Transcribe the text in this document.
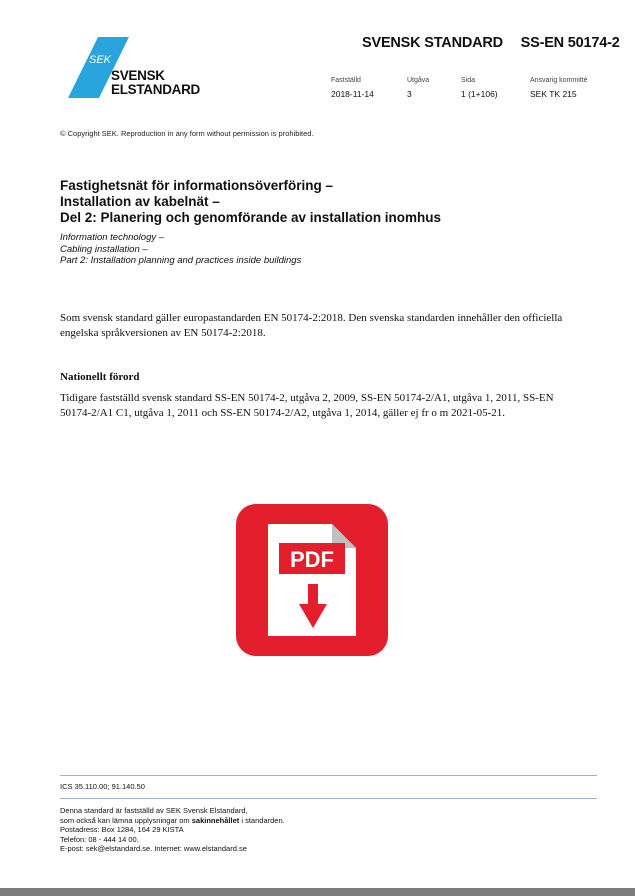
SEK
SVENSK
ELSTANDARD
SVENSK STANDARD SS-EN 50174-2
Fastställd	Utgåva	Sida	Ansvarig kommitté
2018-11-14	3	1 (1+106)	SEK TK 215
© Copyright SEK. Reproduction in any form without permission is prohibited.
Fastighetsnät för informationsöverföring –
Installation av kabelnät –
Del 2: Planering och genomförande av installation inomhus
Information technology –
Cabling installation –
Part 2: Installation planning and practices inside buildings
Som svensk standard gäller europastandarden EN 50174-2:2018. Den svenska standarden innehåller den officiella engelska språkversionen av EN 50174-2:2018.
Nationellt förord
Tidigare fastställd svensk standard SS-EN 50174-2, utgåva 2, 2009, SS-EN 50174-2/A1, utgåva 1, 2011, SS-EN 50174-2/A1 C1, utgåva 1, 2011 och SS-EN 50174-2/A2, utgåva 1, 2014, gäller ej fr o m 2021-05-21.
PDF
ICS 35.110.00; 91.140.50
Denna standard är fastställd av SEK Svensk Elstandard,
som också kan lämna upplysningar om sakinnehållet i standarden.
Postadress: Box 1284, 164 29 KISTA
Telefon: 08 - 444 14 00.
E-post: sek@elstandard.se. Internet: www.elstandard.se
